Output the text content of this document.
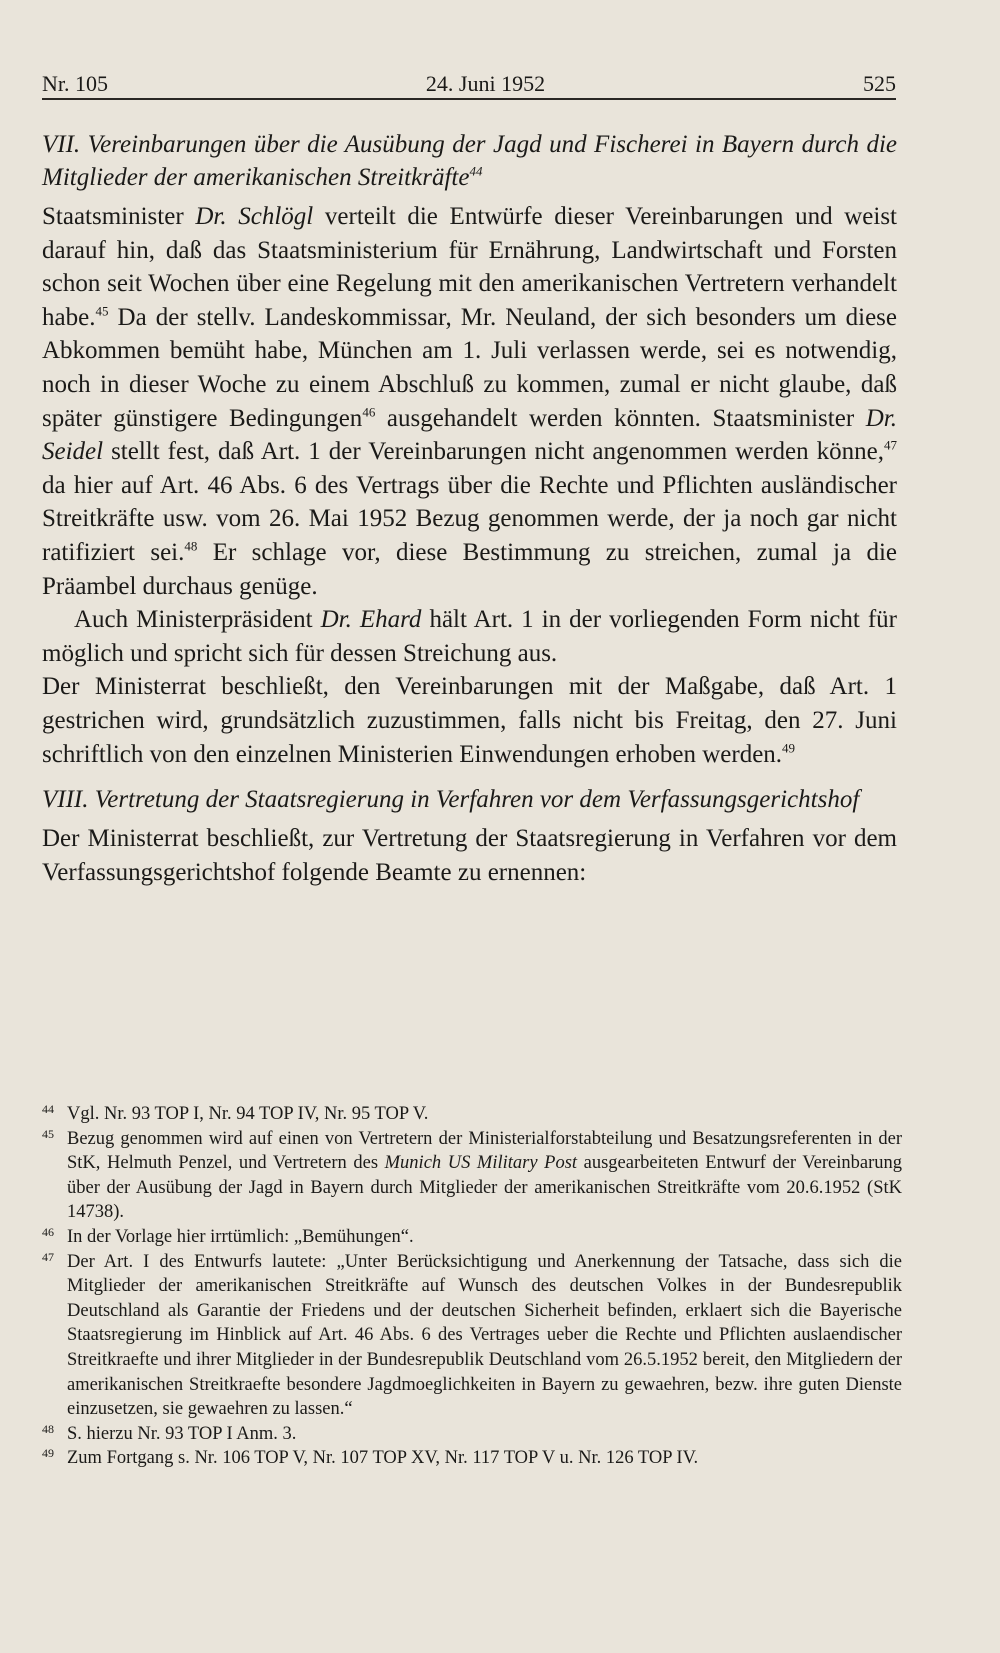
Nr. 105	24. Juni 1952	525

VII. Vereinbarungen über die Ausübung der Jagd und Fischerei in Bayern durch die Mitglieder der amerikanischen Streitkräfte$^{44}$

Staatsminister Dr. Schlögl verteilt die Entwürfe dieser Vereinbarungen und weist darauf hin, daß das Staatsministerium für Ernährung, Landwirtschaft und Forsten schon seit Wochen über eine Regelung mit den amerikanischen Vertretern verhandelt habe.$^{45}$ Da der stellv. Landeskommissar, Mr. Neuland, der sich besonders um diese Abkommen bemüht habe, München am 1. Juli verlassen werde, sei es notwendig, noch in dieser Woche zu einem Abschluß zu kommen, zumal er nicht glaube, daß später günstigere Bedingungen$^{46}$ ausgehandelt werden könnten. Staatsminister Dr. Seidel stellt fest, daß Art. 1 der Vereinbarungen nicht angenommen werden könne,$^{47}$ da hier auf Art. 46 Abs. 6 des Vertrags über die Rechte und Pflichten ausländischer Streitkräfte usw. vom 26. Mai 1952 Bezug genommen werde, der ja noch gar nicht ratifiziert sei.$^{48}$ Er schlage vor, diese Bestimmung zu streichen, zumal ja die Präambel durchaus genüge.

Auch Ministerpräsident Dr. Ehard hält Art. 1 in der vorliegenden Form nicht für möglich und spricht sich für dessen Streichung aus.

Der Ministerrat beschließt, den Vereinbarungen mit der Maßgabe, daß Art. 1 gestrichen wird, grundsätzlich zuzustimmen, falls nicht bis Freitag, den 27. Juni schriftlich von den einzelnen Ministerien Einwendungen erhoben werden.$^{49}$

VIII. Vertretung der Staatsregierung in Verfahren vor dem Verfassungsgerichtshof

Der Ministerrat beschließt, zur Vertretung der Staatsregierung in Verfahren vor dem Verfassungsgerichtshof folgende Beamte zu ernennen:

44 Vgl. Nr. 93 TOP I, Nr. 94 TOP IV, Nr. 95 TOP V.
45 Bezug genommen wird auf einen von Vertretern der Ministerialforstabteilung und Besatzungsreferenten in der StK, Helmuth Penzel, und Vertretern des Munich US Military Post ausgearbeiteten Entwurf der Vereinbarung über der Ausübung der Jagd in Bayern durch Mitglieder der amerikanischen Streitkräfte vom 20.6.1952 (StK 14738).
46 In der Vorlage hier irrtümlich: „Bemühungen“.
47 Der Art. I des Entwurfs lautete: „Unter Berücksichtigung und Anerkennung der Tatsache, dass sich die Mitglieder der amerikanischen Streitkräfte auf Wunsch des deutschen Volkes in der Bundesrepublik Deutschland als Garantie der Friedens und der deutschen Sicherheit befinden, erklaert sich die Bayerische Staatsregierung im Hinblick auf Art. 46 Abs. 6 des Vertrages ueber die Rechte und Pflichten auslaendischer Streitkraefte und ihrer Mitglieder in der Bundesrepublik Deutschland vom 26.5.1952 bereit, den Mitgliedern der amerikanischen Streitkraefte besondere Jagdmoeglichkeiten in Bayern zu gewaehren, bezw. ihre guten Dienste einzusetzen, sie gewaehren zu lassen.“
48 S. hierzu Nr. 93 TOP I Anm. 3.
49 Zum Fortgang s. Nr. 106 TOP V, Nr. 107 TOP XV, Nr. 117 TOP V u. Nr. 126 TOP IV.
